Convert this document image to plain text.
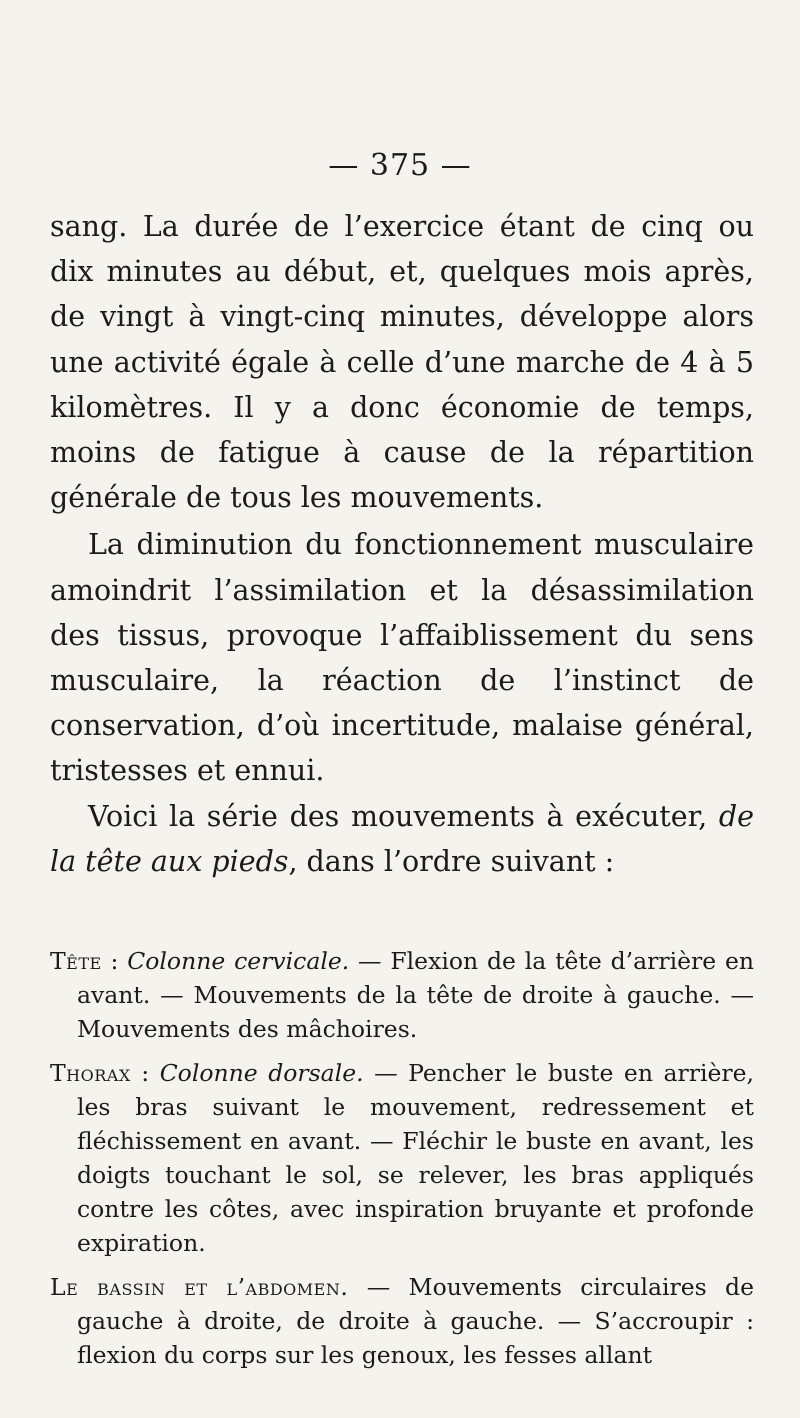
— 375 —

sang. La durée de l’exercice étant de cinq ou dix minutes au début, et, quelques mois après, de vingt à vingt-cinq minutes, développe alors une activité égale à celle d’une marche de 4 à 5 kilomètres. Il y a donc économie de temps, moins de fatigue à cause de la répartition générale de tous les mouvements.

La diminution du fonctionnement musculaire amoindrit l’assimilation et la désassimilation des tissus, provoque l’affaiblissement du sens musculaire, la réaction de l’instinct de conservation, d’où incertitude, malaise général, tristesses et ennui.

Voici la série des mouvements à exécuter, de la tête aux pieds, dans l’ordre suivant :

Tête : Colonne cervicale. — Flexion de la tête d’arrière en avant. — Mouvements de la tête de droite à gauche. — Mouvements des mâchoires.

Thorax : Colonne dorsale. — Pencher le buste en arrière, les bras suivant le mouvement, redressement et fléchissement en avant. — Fléchir le buste en avant, les doigts touchant le sol, se relever, les bras appliqués contre les côtes, avec inspiration bruyante et profonde expiration.

Le bassin et l’abdomen. — Mouvements circulaires de gauche à droite, de droite à gauche. — S’accroupir : flexion du corps sur les genoux, les fesses allant
